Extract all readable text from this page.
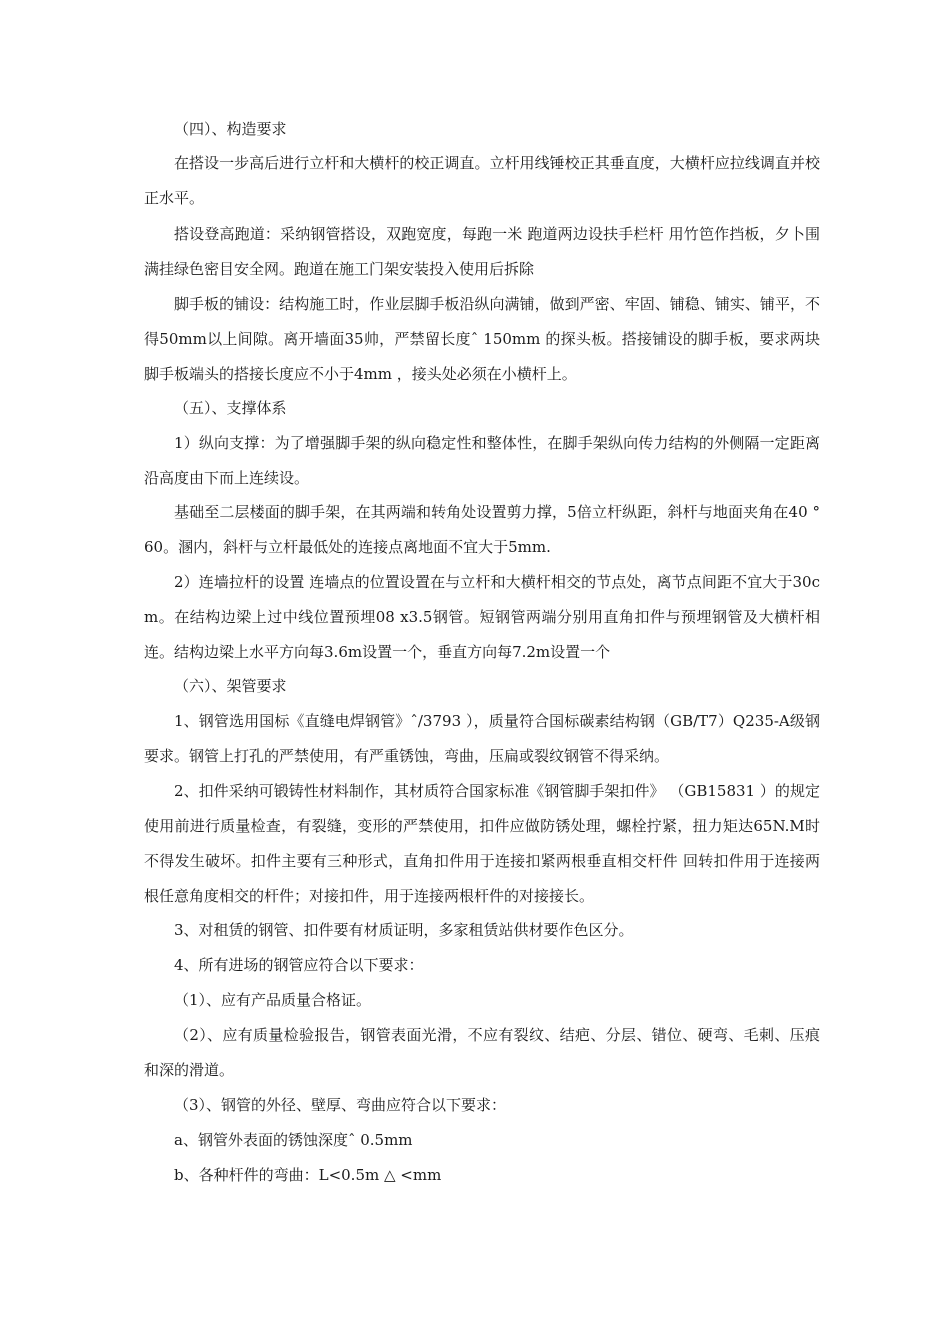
（四）、构造要求

在搭设一步高后进行立杆和大横杆的校正调直。立杆用线锤校正其垂直度，大横杆应拉线调直并校正水平。

搭设登高跑道：采纳钢管搭设，双跑宽度，每跑一米 跑道两边设扶手栏杆 用竹笆作挡板，夕卜围满挂绿色密目安全网。跑道在施工门架安装投入使用后拆除

脚手板的铺设：结构施工时，作业层脚手板沿纵向满铺，做到严密、牢固、铺稳、铺实、铺平，不得50mm以上间隙。离开墙面35帅，严禁留长度ˆ 150mm 的探头板。搭接铺设的脚手板，要求两块脚手板端头的搭接长度应不小于4mm ，接头处必须在小横杆上。

（五）、支撑体系

1）纵向支撑：为了增强脚手架的纵向稳定性和整体性，在脚手架纵向传力结构的外侧隔一定距离沿高度由下而上连续设。

基础至二层楼面的脚手架，在其两端和转角处设置剪力撑，5倍立杆纵距，斜杆与地面夹角在40 ° 60。溷内，斜杆与立杆最低处的连接点离地面不宜大于5mm.

2）连墙拉杆的设置 连墙点的位置设置在与立杆和大横杆相交的节点处，离节点间距不宜大于30cm。在结构边梁上过中线位置预埋08 x3.5钢管。短钢管两端分别用直角扣件与预埋钢管及大横杆相连。结构边梁上水平方向每3.6m设置一个，垂直方向每7.2m设置一个

（六）、架管要求

1、钢管选用国标《直缝电焊钢管》ˆ/3793 ），质量符合国标碳素结构钢（GB/T7）Q235-A级钢要求。钢管上打孔的严禁使用，有严重锈蚀，弯曲，压扁或裂纹钢管不得采纳。

2、扣件采纳可锻铸性材料制作，其材质符合国家标准《钢管脚手架扣件》 （GB15831 ）的规定 使用前进行质量检查，有裂缝，变形的严禁使用，扣件应做防锈处理，螺栓拧紧，扭力矩达65N.M时不得发生破坏。扣件主要有三种形式，直角扣件用于连接扣紧两根垂直相交杆件 回转扣件用于连接两根任意角度相交的杆件；对接扣件，用于连接两根杆件的对接接长。

3、对租赁的钢管、扣件要有材质证明，多家租赁站供材要作色区分。

4、所有进场的钢管应符合以下要求：

（1）、应有产品质量合格证。

（2）、应有质量检验报告，钢管表面光滑，不应有裂纹、结疤、分层、错位、硬弯、毛刺、压痕和深的滑道。

（3）、钢管的外径、壁厚、弯曲应符合以下要求：

a、钢管外表面的锈蚀深度ˆ 0.5mm

b、各种杆件的弯曲：L<0.5m △ <mm
